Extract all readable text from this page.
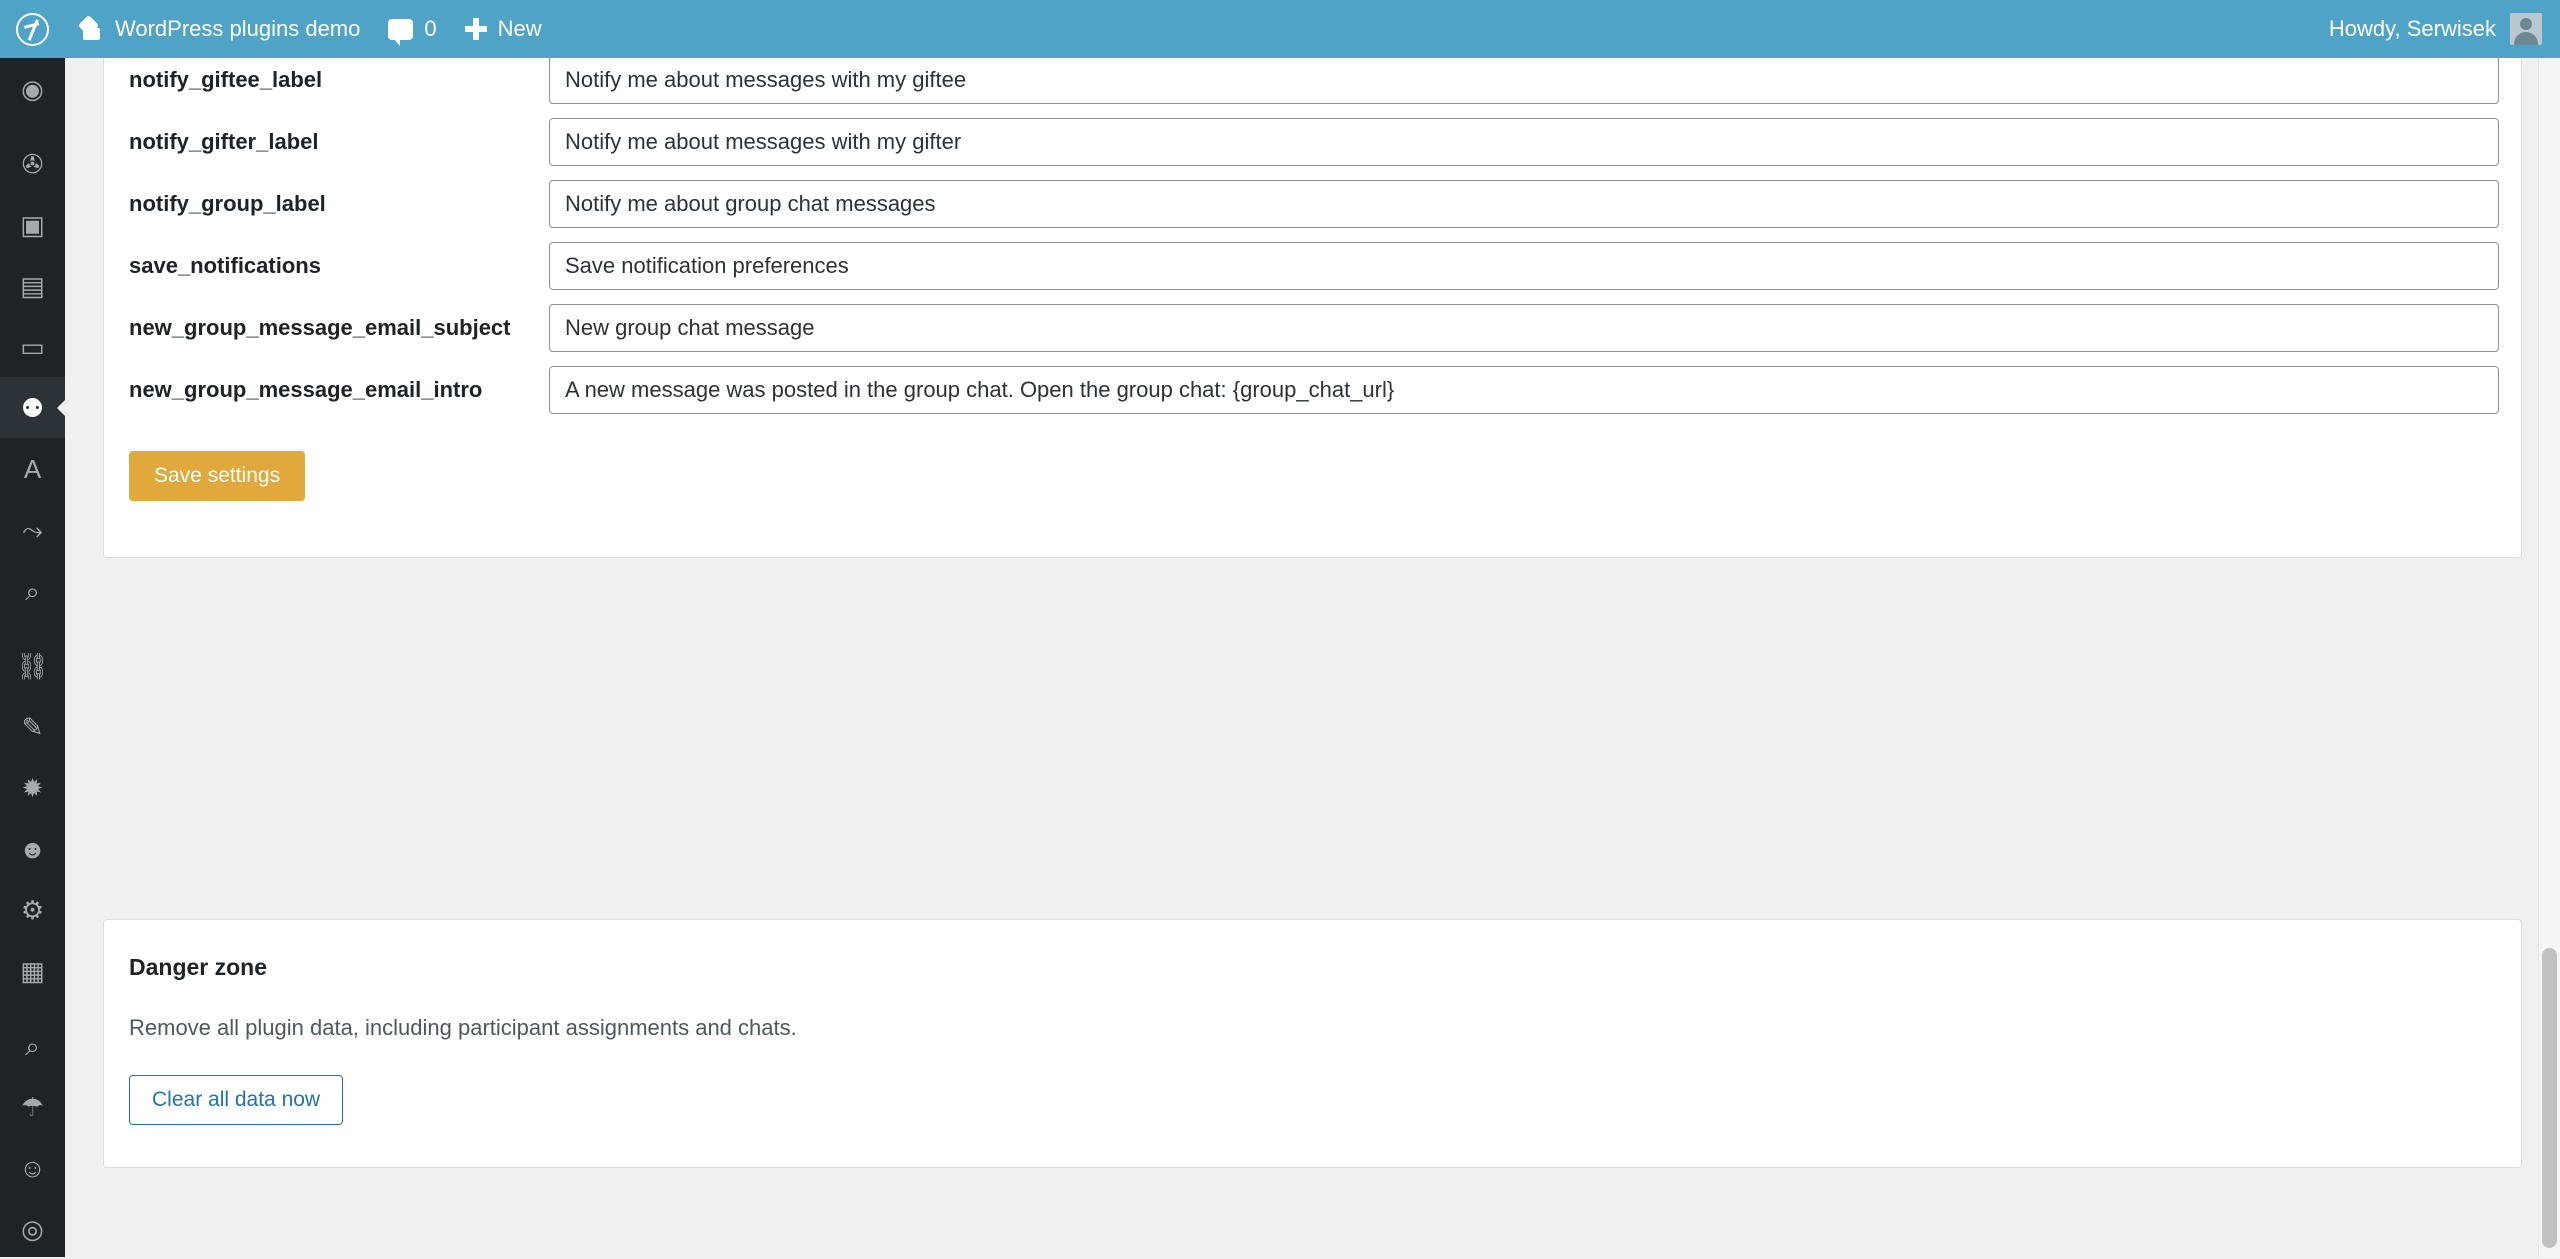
WordPress plugins demo	0	New	Howdy, Serwisek
◉
✇
▣
▤
▭
⚉
A
⤳
⌕
⛓
✎
✹
☻
⚙
▦
⌕
☂
☺
◎
notify_giftee_label
Notify me about messages with my giftee
notify_gifter_label
Notify me about messages with my gifter
notify_group_label
Notify me about group chat messages
save_notifications
Save notification preferences
new_group_message_email_subject
New group chat message
new_group_message_email_intro
A new message was posted in the group chat. Open the group chat: {group_chat_url}
Save settings
Danger zone
Remove all plugin data, including participant assignments and chats.
Clear all data now
